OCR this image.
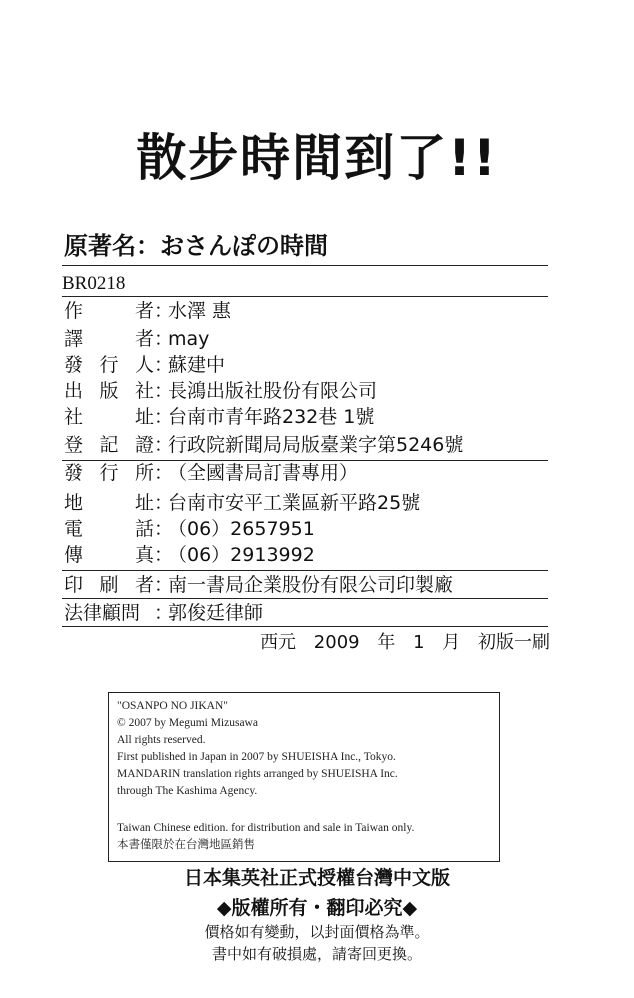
散步時間到了!!
原著名：おさんぽの時間
BR0218
作	者 ：
水澤 惠
譯	者 ：
may
發 行 人 ：
蘇建中
出 版 社 ：
長鴻出版社股份有限公司
社	址 ：
台南市青年路232巷 1號
登 記 證 ：
行政院新聞局局版臺業字第5246號
發 行 所 ：
（全國書局訂書專用）
地	址 ：
台南市安平工業區新平路25號
電	話 ：
（06）2657951
傳	真 ：
（06）2913992
印 刷 者 ：
南一書局企業股份有限公司印製廠
法律顧問 ：
郭俊廷律師
西元 2009 年 1 月 初版一刷
"OSANPO NO JIKAN"
© 2007 by Megumi Mizusawa
All rights reserved.
First published in Japan in 2007 by SHUEISHA Inc., Tokyo.
MANDARIN translation rights arranged by SHUEISHA Inc.
through The Kashima Agency.
Taiwan Chinese edition. for distribution and sale in Taiwan only.
本書僅限於在台灣地區銷售
日本集英社正式授權台灣中文版
◆版權所有・翻印必究◆
價格如有變動，以封面價格為準。
書中如有破損處，請寄回更換。
